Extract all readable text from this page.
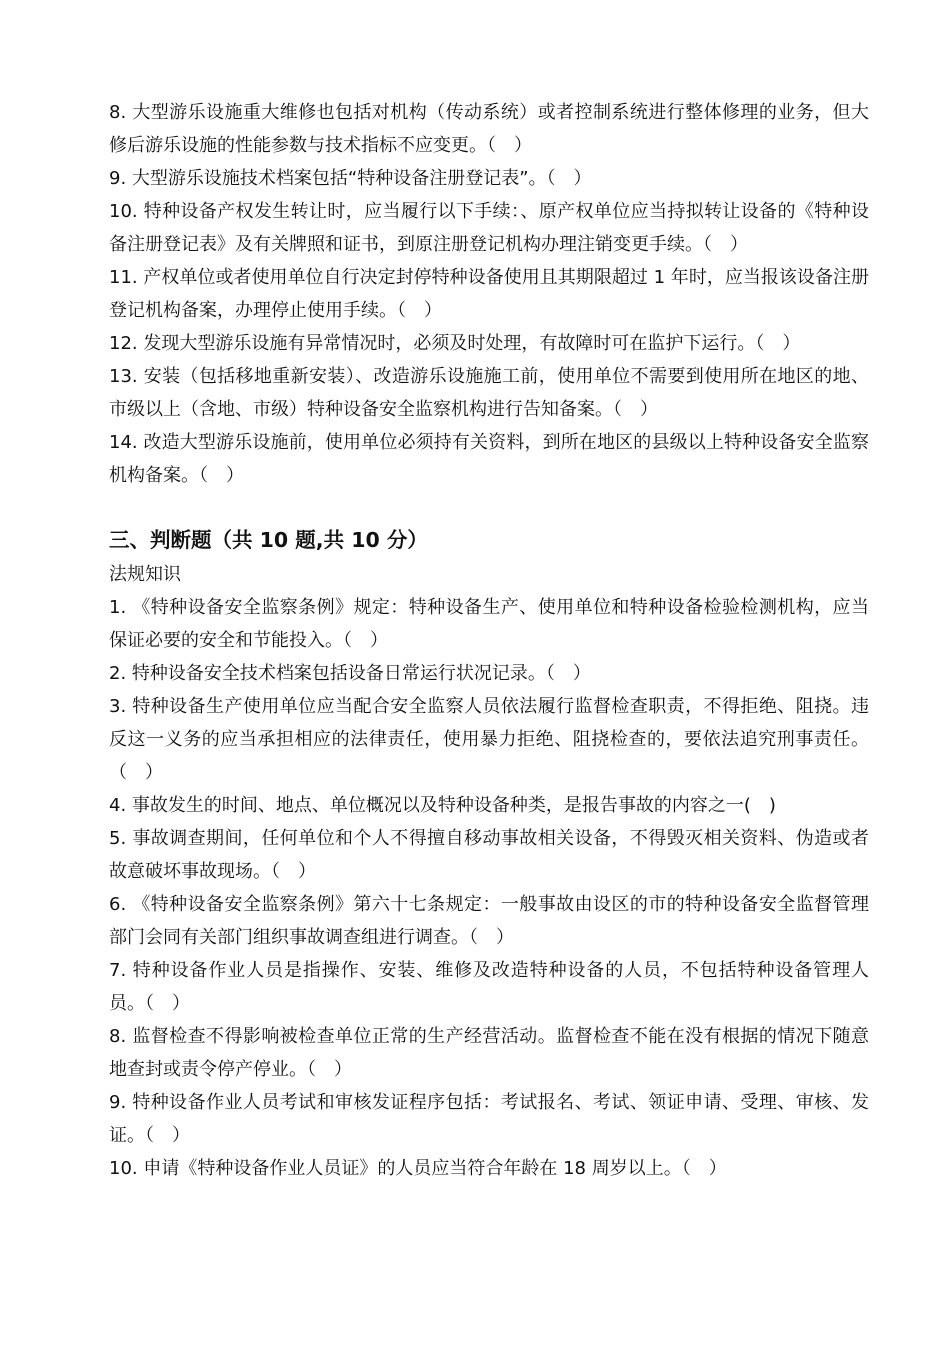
8. 大型游乐设施重大维修也包括对机构（传动系统）或者控制系统进行整体修理的业务，但大修后游乐设施的性能参数与技术指标不应变更。（　）

9. 大型游乐设施技术档案包括“特种设备注册登记表”。（　）

10. 特种设备产权发生转让时，应当履行以下手续：、原产权单位应当持拟转让设备的《特种设备注册登记表》及有关牌照和证书，到原注册登记机构办理注销变更手续。（　）

11. 产权单位或者使用单位自行决定封停特种设备使用且其期限超过 1 年时，应当报该设备注册登记机构备案，办理停止使用手续。（　）

12. 发现大型游乐设施有异常情况时，必须及时处理，有故障时可在监护下运行。（　）

13. 安装（包括移地重新安装）、改造游乐设施施工前，使用单位不需要到使用所在地区的地、市级以上（含地、市级）特种设备安全监察机构进行告知备案。（　）

14. 改造大型游乐设施前，使用单位必须持有关资料，到所在地区的县级以上特种设备安全监察机构备案。（　）

三、判断题（共 10 题,共 10 分）

法规知识

1. 《特种设备安全监察条例》规定：特种设备生产、使用单位和特种设备检验检测机构，应当保证必要的安全和节能投入。（　）

2. 特种设备安全技术档案包括设备日常运行状况记录。（　）

3. 特种设备生产使用单位应当配合安全监察人员依法履行监督检查职责，不得拒绝、阻挠。违反这一义务的应当承担相应的法律责任，使用暴力拒绝、阻挠检查的，要依法追究刑事责任。（　）

4. 事故发生的时间、地点、单位概况以及特种设备种类，是报告事故的内容之一(　)

5. 事故调查期间，任何单位和个人不得擅自移动事故相关设备，不得毁灭相关资料、伪造或者故意破坏事故现场。（　）

6. 《特种设备安全监察条例》第六十七条规定：一般事故由设区的市的特种设备安全监督管理部门会同有关部门组织事故调查组进行调查。（　）

7. 特种设备作业人员是指操作、安装、维修及改造特种设备的人员，不包括特种设备管理人员。（　）

8. 监督检查不得影响被检查单位正常的生产经营活动。监督检查不能在没有根据的情况下随意地查封或责令停产停业。（　）

9. 特种设备作业人员考试和审核发证程序包括：考试报名、考试、领证申请、受理、审核、发证。（　）

10. 申请《特种设备作业人员证》的人员应当符合年龄在 18 周岁以上。（　）
